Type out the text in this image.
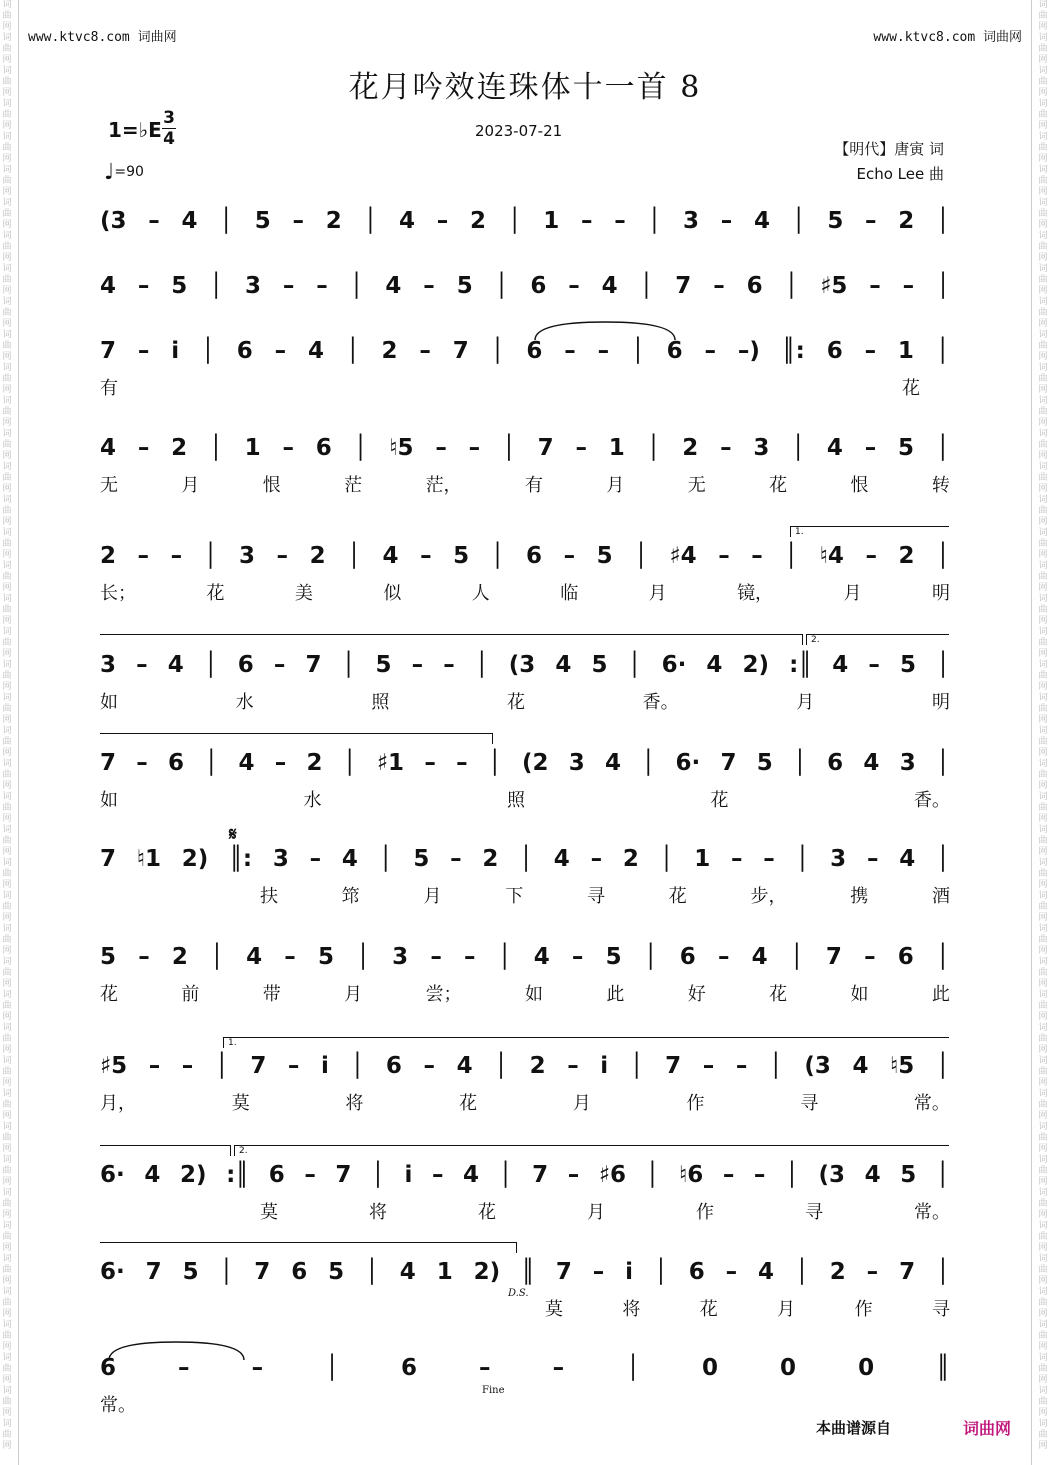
词曲网词曲网词曲网词曲网词曲网词曲网词曲网词曲网词曲网词曲网词曲网词曲网词曲网词曲网词曲网词曲网词曲网词曲网词曲网词曲网词曲网词曲网词曲网词曲网词曲网词曲网词曲网词曲网词曲网词曲网词曲网词曲网词曲网词曲网词曲网词曲网词曲网词曲网词曲网词曲网词曲网词曲网词曲网词曲网
词曲网词曲网词曲网词曲网词曲网词曲网词曲网词曲网词曲网词曲网词曲网词曲网词曲网词曲网词曲网词曲网词曲网词曲网词曲网词曲网词曲网词曲网词曲网词曲网词曲网词曲网词曲网词曲网词曲网词曲网词曲网词曲网词曲网词曲网词曲网词曲网词曲网词曲网词曲网词曲网词曲网词曲网词曲网词曲网
www.ktvc8.com 词曲网	www.ktvc8.com 词曲网
花月吟效连珠体十一首 8
2023-07-21
1=♭E 3
4
♩=90
【明代】唐寅 词
Echo Lee 曲
(3 – 4 │ 5 – 2 │ 4 – 2 │ 1 – – │ 3 – 4 │ 5 – 2 │
4 – 5 │ 3 – – │ 4 – 5 │ 6 – 4 │ 7 – 6 │ ♯5 – – │
7 – i │ 6 – 4 │ 2 – 7 │ 6 – – │ 6 – –) ║: 6 – 1 │
有	花
4 – 2 │ 1 – 6 │ ♮5 – – │ 7 – 1 │ 2 – 3 │ 4 – 5 │
无	月	恨	茫	茫，	有	月	无	花	恨	转
2 – – │ 3 – 2 │ 4 – 5 │ 6 – 5 │ ♯4 – – │ ♮4 – 2 │
长；	花	美	似	人	临	月	镜，	月	明
3 – 4 │ 6 – 7 │ 5 – – │ (3 4 5 │ 6· 4 2) :║ 4 – 5 │
如	水	照	花	香。	月	明
7 – 6 │ 4 – 2 │ ♯1 – – │ (2 3 4 │ 6· 7 5 │ 6 4 3 │
如	水	照	花	香。
7 ♮1 2) ║: 3 – 4 │ 5 – 2 │ 4 – 2 │ 1 – – │ 3 – 4 │
扶	筇	月	下	寻	花	步，	携	酒
5 – 2 │ 4 – 5 │ 3 – – │ 4 – 5 │ 6 – 4 │ 7 – 6 │
花	前	带	月	尝；	如	此	好	花	如	此
♯5 – – │ 7 – i │ 6 – 4 │ 2 – i │ 7 – – │ (3 4 ♮5 │
月，	莫	将	花	月	作	寻	常。
6· 4 2) :║ 6 – 7 │ i – 4 │ 7 – ♯6 │ ♮6 – – │ (3 4 5 │
莫	将	花	月	作	寻	常。
6· 7 5 │ 7 6 5 │ 4 1 2) ║ 7 – i │ 6 – 4 │ 2 – 7 │
莫	将	花	月	作	寻
6	–	–	│	6	–	–	│	0	0	0	║
常。
1.
2.
1.
2.
𝄋
D.S.
Fine
本曲谱源自	词曲网
